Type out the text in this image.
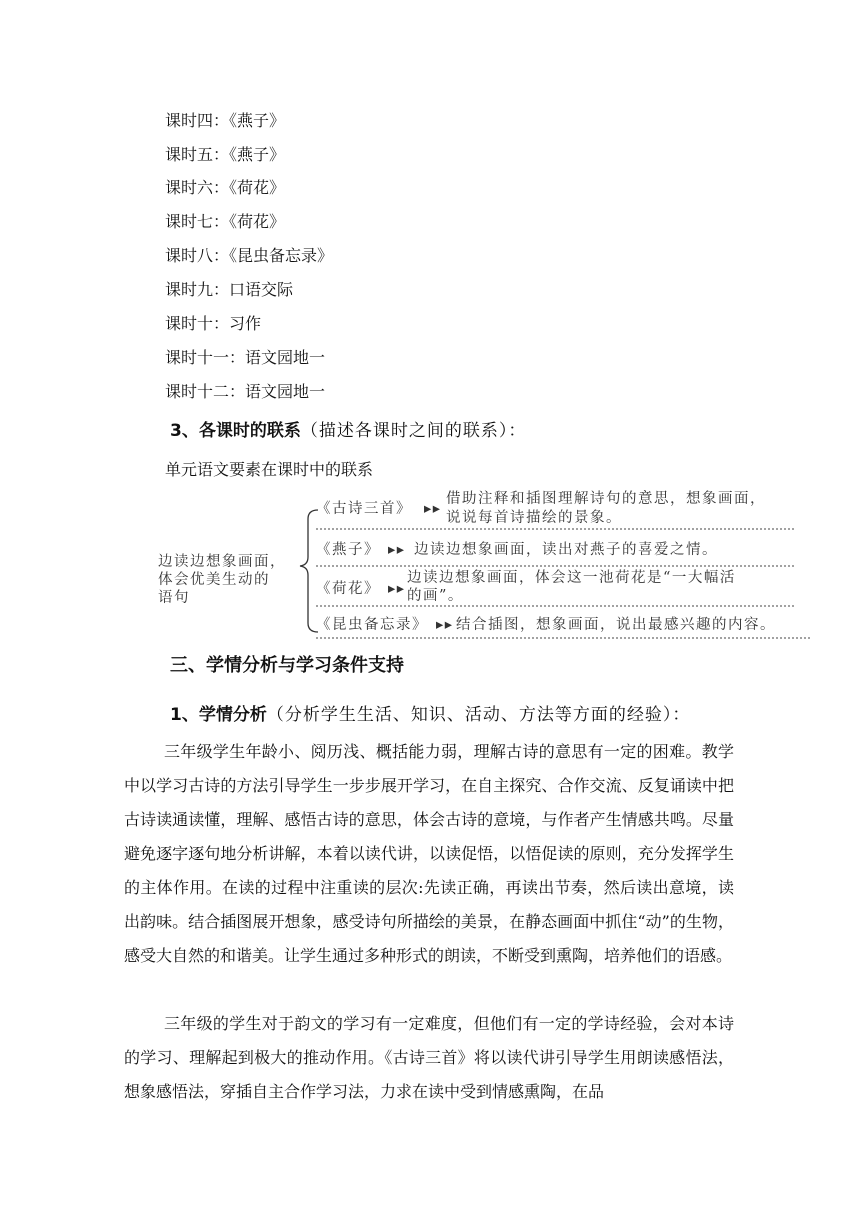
课时四：《燕子》
课时五：《燕子》
课时六：《荷花》
课时七：《荷花》
课时八：《昆虫备忘录》
课时九：口语交际
课时十：习作
课时十一：语文园地一
课时十二：语文园地一
3、各课时的联系（描述各课时之间的联系）：
单元语文要素在课时中的联系
边读边想象画面，
体会优美生动的
语句
《古诗三首》 ▸▸
借助注释和插图理解诗句的意思，想象画面，
说说每首诗描绘的景象。
《燕子》 ▸▸ 边读边想象画面，读出对燕子的喜爱之情。
《荷花》 ▸▸
边读边想象画面，体会这一池荷花是“一大幅活
的画”。
《昆虫备忘录》 ▸▸ 结合插图，想象画面，说出最感兴趣的内容。
三、学情分析与学习条件支持
1、学情分析（分析学生生活、知识、活动、方法等方面的经验）：

三年级学生年龄小、阅历浅、概括能力弱，理解古诗的意思有一定的困难。教学中以学习古诗的方法引导学生一步步展开学习，在自主探究、合作交流、反复诵读中把古诗读通读懂，理解、感悟古诗的意思，体会古诗的意境，与作者产生情感共鸣。尽量避免逐字逐句地分析讲解，本着以读代讲，以读促悟，以悟促读的原则，充分发挥学生的主体作用。在读的过程中注重读的层次:先读正确，再读出节奏，然后读出意境，读出韵味。结合插图展开想象，感受诗句所描绘的美景，在静态画面中抓住“动”的生物，感受大自然的和谐美。让学生通过多种形式的朗读，不断受到熏陶，培养他们的语感。

三年级的学生对于韵文的学习有一定难度，但他们有一定的学诗经验，会对本诗的学习、理解起到极大的推动作用。《古诗三首》将以读代讲引导学生用朗读感悟法，想象感悟法，穿插自主合作学习法，力求在读中受到情感熏陶，在品
